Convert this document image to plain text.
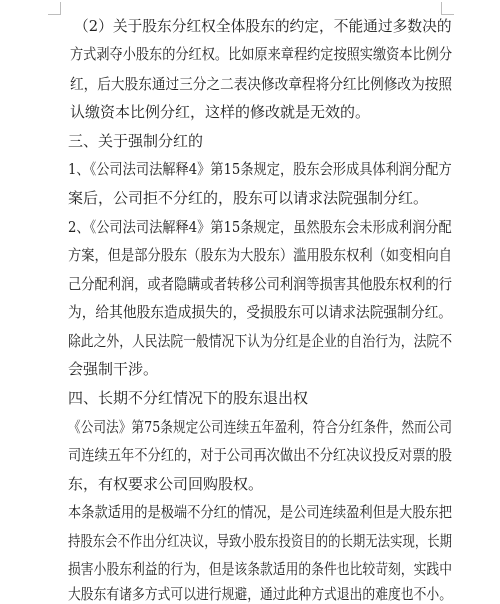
（2）关于股东分红权全体股东的约定，不能通过多数决的
方式剥夺小股东的分红权。比如原来章程约定按照实缴资本比例分
红，后大股东通过三分之二表决修改章程将分红比例修改为按照
认缴资本比例分红，这样的修改就是无效的。
三、关于强制分红的
1、《公司法司法解释4》第15条规定，股东会形成具体利润分配方
案后，公司拒不分红的，股东可以请求法院强制分红。
2、《公司法司法解释4》第15条规定，虽然股东会未形成利润分配
方案，但是部分股东（股东为大股东）滥用股东权利（如变相向自
己分配利润，或者隐瞒或者转移公司利润等损害其他股东权利的行
为，给其他股东造成损失的，受损股东可以请求法院强制分红。
除此之外，人民法院一般情况下认为分红是企业的自治行为，法院不
会强制干涉。
四、长期不分红情况下的股东退出权
《公司法》第75条规定公司连续五年盈利，符合分红条件，然而公司
司连续五年不分红的，对于公司再次做出不分红决议投反对票的股
东，有权要求公司回购股权。
本条款适用的是极端不分红的情况，是公司连续盈利但是大股东把
持股东会不作出分红决议，导致小股东投资目的的长期无法实现，长期
损害小股东利益的行为，但是该条款适用的条件也比较苛刻，实践中
大股东有诸多方式可以进行规避，通过此种方式退出的难度也不小。
